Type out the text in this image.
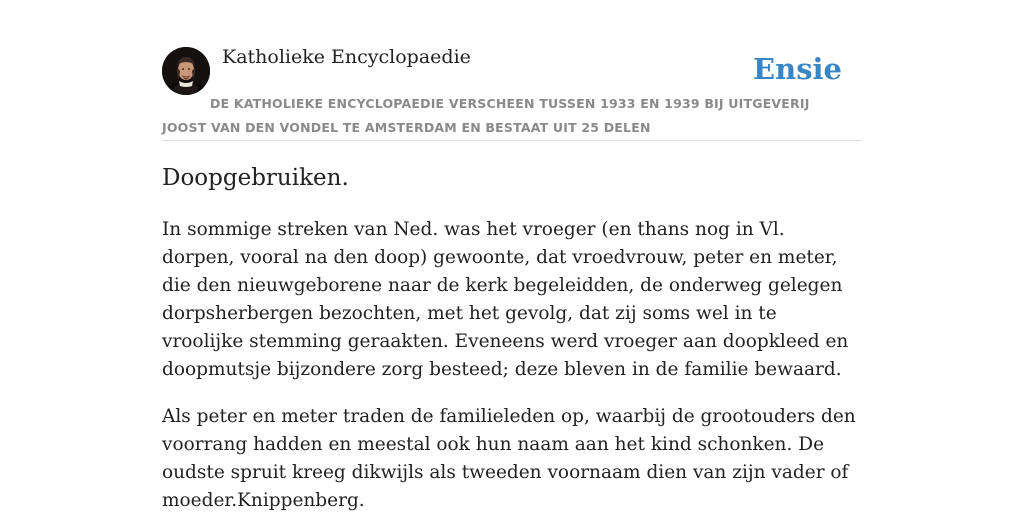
Katholieke Encyclopaedie	Ensie
DE KATHOLIEKE ENCYCLOPAEDIE VERSCHEEN TUSSEN 1933 EN 1939 BIJ UITGEVERIJ JOOST VAN DEN VONDEL TE AMSTERDAM EN BESTAAT UIT 25 DELEN
Doopgebruiken.

In sommige streken van Ned. was het vroeger (en thans nog in Vl. dorpen, vooral na den doop) gewoonte, dat vroedvrouw, peter en meter, die den nieuwgeborene naar de kerk begeleidden, de onderweg gelegen dorpsherbergen bezochten, met het gevolg, dat zij soms wel in te vroolijke stemming geraakten. Eveneens werd vroeger aan doopkleed en doopmutsje bijzondere zorg besteed; deze bleven in de familie bewaard.

Als peter en meter traden de familieleden op, waarbij de grootouders den voorrang hadden en meestal ook hun naam aan het kind schonken. De oudste spruit kreeg dikwijls als tweeden voornaam dien van zijn vader of moeder.Knippenberg.
